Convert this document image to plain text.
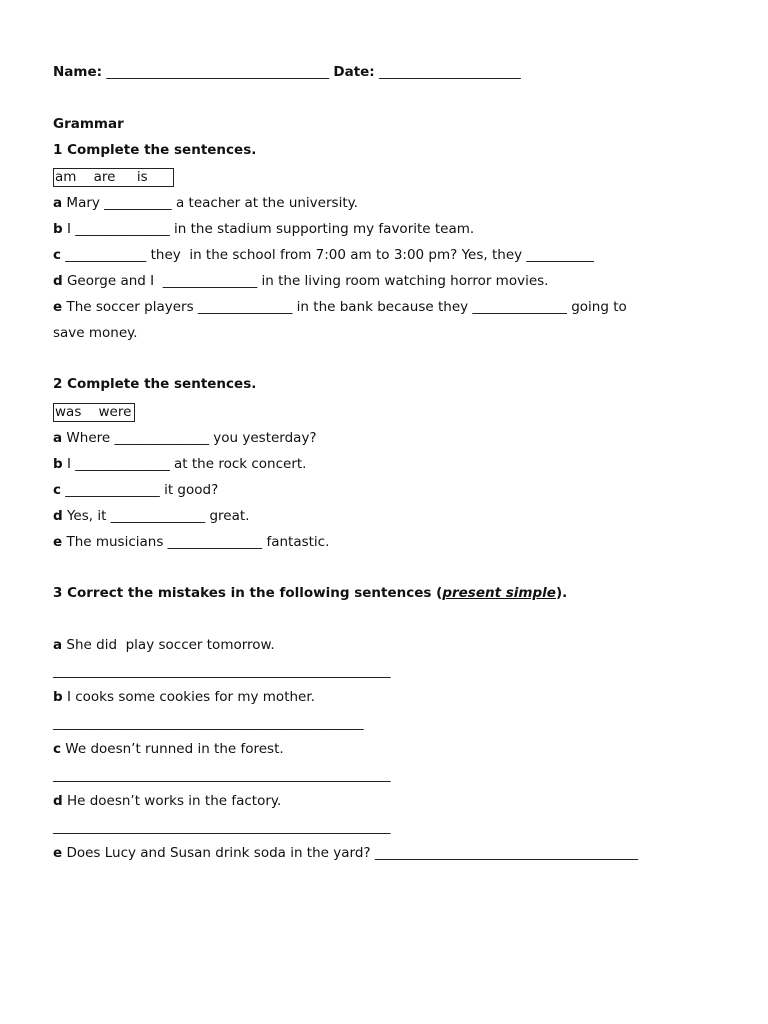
Name: _________________________________ Date: _____________________
Grammar
1 Complete the sentences.
am    are     is
a Mary __________ a teacher at the university.
b I ______________ in the stadium supporting my favorite team.
c ____________ they  in the school from 7:00 am to 3:00 pm? Yes, they __________
d George and I  ______________ in the living room watching horror movies.
e The soccer players ______________ in the bank because they ______________ going to
save money.
2 Complete the sentences.
was    were
a Where ______________ you yesterday?
b I ______________ at the rock concert.
c ______________ it good?
d Yes, it ______________ great.
e The musicians ______________ fantastic.
3 Correct the mistakes in the following sentences (present simple).
a She did  play soccer tomorrow.
__________________________________________________
b I cooks some cookies for my mother.
______________________________________________
c We doesn’t runned in the forest.
__________________________________________________
d He doesn’t works in the factory.
__________________________________________________
e Does Lucy and Susan drink soda in the yard? _______________________________________
